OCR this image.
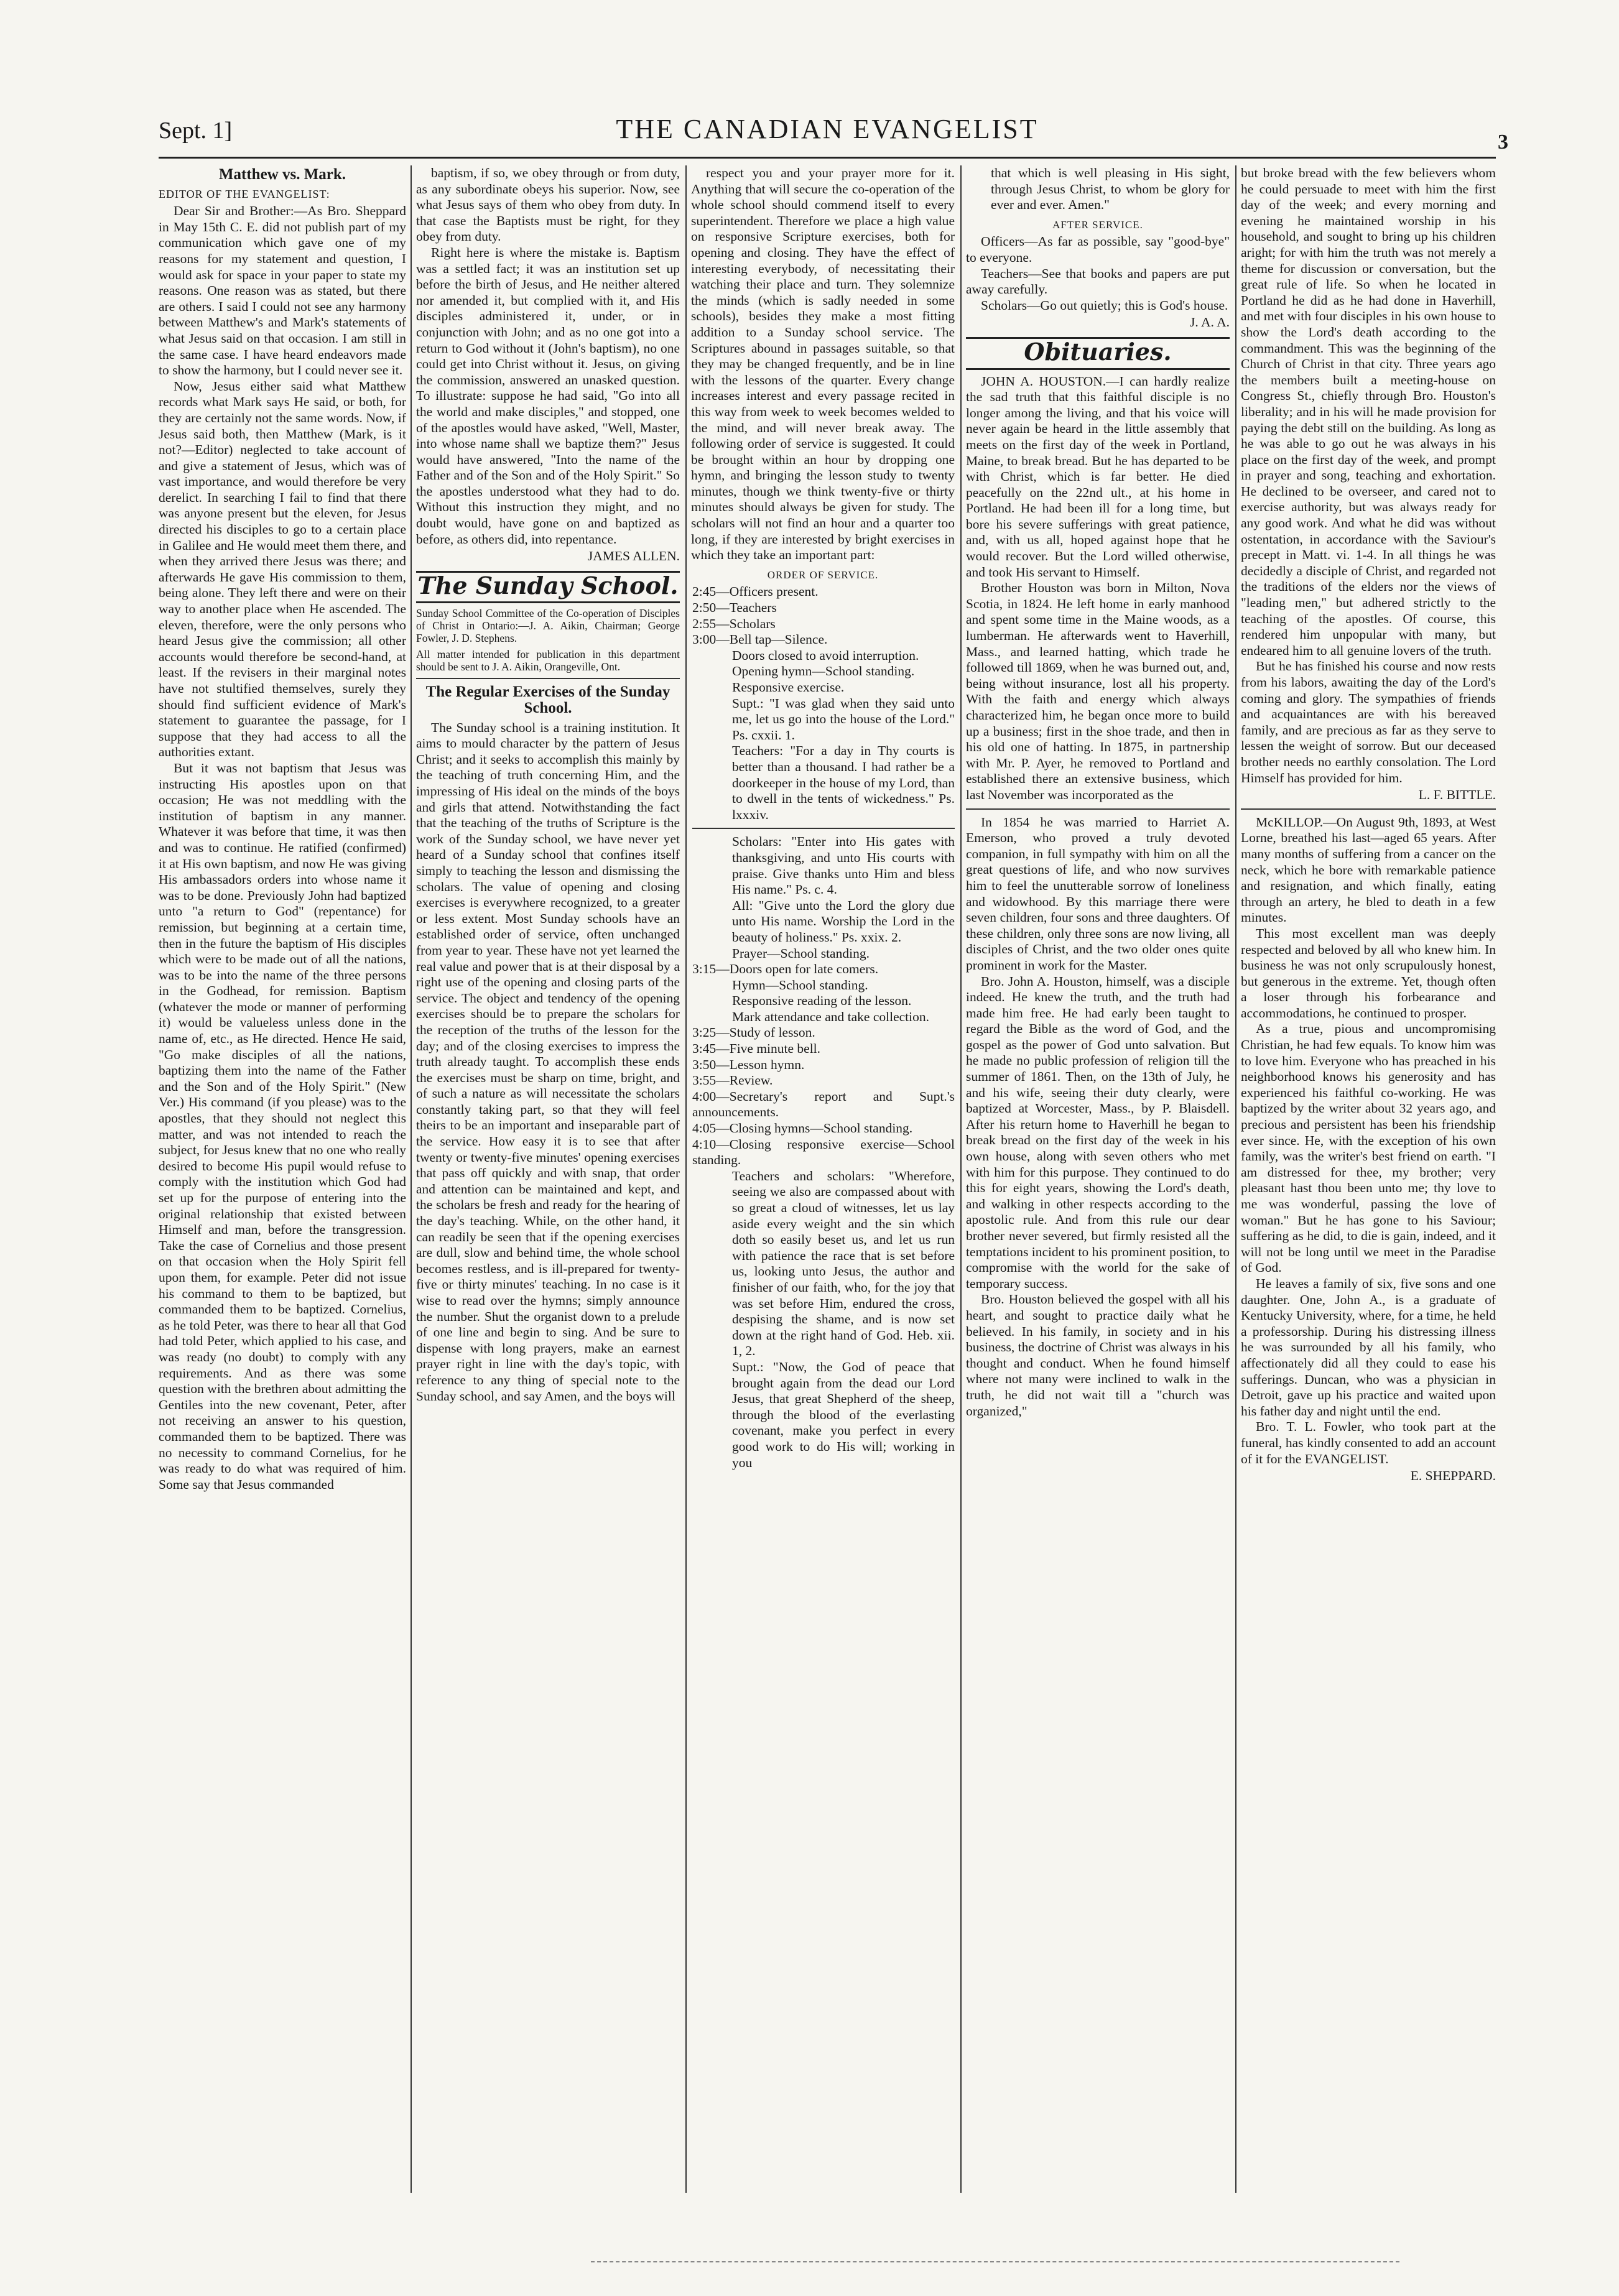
Sept. 1]	THE CANADIAN EVANGELIST	3
Matthew vs. Mark.
EDITOR OF THE EVANGELIST:

Dear Sir and Brother:—As Bro. Sheppard in May 15th C. E. did not publish part of my communication which gave one of my reasons for my statement and question, I would ask for space in your paper to state my reasons. One reason was as stated, but there are others. I said I could not see any harmony between Matthew's and Mark's statements of what Jesus said on that occasion. I am still in the same case. I have heard endeavors made to show the harmony, but I could never see it.

Now, Jesus either said what Matthew records what Mark says He said, or both, for they are certainly not the same words. Now, if Jesus said both, then Matthew (Mark, is it not?—Editor) neglected to take account of and give a statement of Jesus, which was of vast importance, and would therefore be very derelict. In searching I fail to find that there was anyone present but the eleven, for Jesus directed his disciples to go to a certain place in Galilee and He would meet them there, and when they arrived there Jesus was there; and afterwards He gave His commission to them, being alone. They left there and were on their way to another place when He ascended. The eleven, therefore, were the only persons who heard Jesus give the commission; all other accounts would therefore be second-hand, at least. If the revisers in their marginal notes have not stultified themselves, surely they should find sufficient evidence of Mark's statement to guarantee the passage, for I suppose that they had access to all the authorities extant.

But it was not baptism that Jesus was instructing His apostles upon on that occasion; He was not meddling with the institution of baptism in any manner. Whatever it was before that time, it was then and was to continue. He ratified (confirmed) it at His own baptism, and now He was giving His ambassadors orders into whose name it was to be done. Previously John had baptized unto "a return to God" (repentance) for remission, but beginning at a certain time, then in the future the baptism of His disciples which were to be made out of all the nations, was to be into the name of the three persons in the Godhead, for remission. Baptism (whatever the mode or manner of performing it) would be valueless unless done in the name of, etc., as He directed. Hence He said, "Go make disciples of all the nations, baptizing them into the name of the Father and the Son and of the Holy Spirit." (New Ver.) His command (if you please) was to the apostles, that they should not neglect this matter, and was not intended to reach the subject, for Jesus knew that no one who really desired to become His pupil would refuse to comply with the institution which God had set up for the purpose of entering into the original relationship that existed between Himself and man, before the transgression. Take the case of Cornelius and those present on that occasion when the Holy Spirit fell upon them, for example. Peter did not issue his command to them to be baptized, but commanded them to be baptized. Cornelius, as he told Peter, was there to hear all that God had told Peter, which applied to his case, and was ready (no doubt) to comply with any requirements. And as there was some question with the brethren about admitting the Gentiles into the new covenant, Peter, after not receiving an answer to his question, commanded them to be baptized. There was no necessity to command Cornelius, for he was ready to do what was required of him. Some say that Jesus commanded

baptism, if so, we obey through or from duty, as any subordinate obeys his superior. Now, see what Jesus says of them who obey from duty. In that case the Baptists must be right, for they obey from duty.

Right here is where the mistake is. Baptism was a settled fact; it was an institution set up before the birth of Jesus, and He neither altered nor amended it, but complied with it, and His disciples administered it, under, or in conjunction with John; and as no one got into a return to God without it (John's baptism), no one could get into Christ without it. Jesus, on giving the commission, answered an unasked question. To illustrate: suppose he had said, "Go into all the world and make disciples," and stopped, one of the apostles would have asked, "Well, Master, into whose name shall we baptize them?" Jesus would have answered, "Into the name of the Father and of the Son and of the Holy Spirit." So the apostles understood what they had to do. Without this instruction they might, and no doubt would, have gone on and baptized as before, as others did, into repentance.

JAMES ALLEN.
The Sunday School.
Sunday School Committee of the Co-operation of Disciples of Christ in Ontario:—J. A. Aikin, Chairman; George Fowler, J. D. Stephens.
All matter intended for publication in this department should be sent to J. A. Aikin, Orangeville, Ont.
The Regular Exercises of the Sunday School.

The Sunday school is a training institution. It aims to mould character by the pattern of Jesus Christ; and it seeks to accomplish this mainly by the teaching of truth concerning Him, and the impressing of His ideal on the minds of the boys and girls that attend. Notwithstanding the fact that the teaching of the truths of Scripture is the work of the Sunday school, we have never yet heard of a Sunday school that confines itself simply to teaching the lesson and dismissing the scholars. The value of opening and closing exercises is everywhere recognized, to a greater or less extent. Most Sunday schools have an established order of service, often unchanged from year to year. These have not yet learned the real value and power that is at their disposal by a right use of the opening and closing parts of the service. The object and tendency of the opening exercises should be to prepare the scholars for the reception of the truths of the lesson for the day; and of the closing exercises to impress the truth already taught. To accomplish these ends the exercises must be sharp on time, bright, and of such a nature as will necessitate the scholars constantly taking part, so that they will feel theirs to be an important and inseparable part of the service. How easy it is to see that after twenty or twenty-five minutes' opening exercises that pass off quickly and with snap, that order and attention can be maintained and kept, and the scholars be fresh and ready for the hearing of the day's teaching. While, on the other hand, it can readily be seen that if the opening exercises are dull, slow and behind time, the whole school becomes restless, and is ill-prepared for twenty-five or thirty minutes' teaching. In no case is it wise to read over the hymns; simply announce the number. Shut the organist down to a prelude of one line and begin to sing. And be sure to dispense with long prayers, make an earnest prayer right in line with the day's topic, with reference to any thing of special note to the Sunday school, and say Amen, and the boys will

respect you and your prayer more for it. Anything that will secure the co-operation of the whole school should commend itself to every superintendent. Therefore we place a high value on responsive Scripture exercises, both for opening and closing. They have the effect of interesting everybody, of necessitating their watching their place and turn. They solemnize the minds (which is sadly needed in some schools), besides they make a most fitting addition to a Sunday school service. The Scriptures abound in passages suitable, so that they may be changed frequently, and be in line with the lessons of the quarter. Every change increases interest and every passage recited in this way from week to week becomes welded to the mind, and will never break away. The following order of service is suggested. It could be brought within an hour by dropping one hymn, and bringing the lesson study to twenty minutes, though we think twenty-five or thirty minutes should always be given for study. The scholars will not find an hour and a quarter too long, if they are interested by bright exercises in which they take an important part:

ORDER OF SERVICE.
2:45—Officers present.
2:50—Teachers
2:55—Scholars
3:00—Bell tap—Silence.
Doors closed to avoid interruption.
Opening hymn—School standing.
Responsive exercise.
Supt.: "I was glad when they said unto me, let us go into the house of the Lord." Ps. cxxii. 1.
Teachers: "For a day in Thy courts is better than a thousand. I had rather be a doorkeeper in the house of my Lord, than to dwell in the tents of wickedness." Ps. lxxxiv.
Scholars: "Enter into His gates with thanksgiving, and unto His courts with praise. Give thanks unto Him and bless His name." Ps. c. 4.
All: "Give unto the Lord the glory due unto His name. Worship the Lord in the beauty of holiness." Ps. xxix. 2.
Prayer—School standing.
3:15—Doors open for late comers.
Hymn—School standing.
Responsive reading of the lesson.
Mark attendance and take collection.
3:25—Study of lesson.
3:45—Five minute bell.
3:50—Lesson hymn.
3:55—Review.
4:00—Secretary's report and Supt.'s announcements.
4:05—Closing hymns—School standing.
4:10—Closing responsive exercise—School standing.
Teachers and scholars: "Wherefore, seeing we also are compassed about with so great a cloud of witnesses, let us lay aside every weight and the sin which doth so easily beset us, and let us run with patience the race that is set before us, looking unto Jesus, the author and finisher of our faith, who, for the joy that was set before Him, endured the cross, despising the shame, and is now set down at the right hand of God. Heb. xii. 1, 2.
Supt.: "Now, the God of peace that brought again from the dead our Lord Jesus, that great Shepherd of the sheep, through the blood of the everlasting covenant, make you perfect in every good work to do His will; working in you
that which is well pleasing in His sight, through Jesus Christ, to whom be glory for ever and ever. Amen."
AFTER SERVICE.

Officers—As far as possible, say "good-bye" to everyone.

Teachers—See that books and papers are put away carefully.

Scholars—Go out quietly; this is God's house.

J. A. A.
Obituaries.

JOHN A. HOUSTON.—I can hardly realize the sad truth that this faithful disciple is no longer among the living, and that his voice will never again be heard in the little assembly that meets on the first day of the week in Portland, Maine, to break bread. But he has departed to be with Christ, which is far better. He died peacefully on the 22nd ult., at his home in Portland. He had been ill for a long time, but bore his severe sufferings with great patience, and, with us all, hoped against hope that he would recover. But the Lord willed otherwise, and took His servant to Himself.

Brother Houston was born in Milton, Nova Scotia, in 1824. He left home in early manhood and spent some time in the Maine woods, as a lumberman. He afterwards went to Haverhill, Mass., and learned hatting, which trade he followed till 1869, when he was burned out, and, being without insurance, lost all his property. With the faith and energy which always characterized him, he began once more to build up a business; first in the shoe trade, and then in his old one of hatting. In 1875, in partnership with Mr. P. Ayer, he removed to Portland and established there an extensive business, which last November was incorporated as the

In 1854 he was married to Harriet A. Emerson, who proved a truly devoted companion, in full sympathy with him on all the great questions of life, and who now survives him to feel the unutterable sorrow of loneliness and widowhood. By this marriage there were seven children, four sons and three daughters. Of these children, only three sons are now living, all disciples of Christ, and the two older ones quite prominent in work for the Master.

Bro. John A. Houston, himself, was a disciple indeed. He knew the truth, and the truth had made him free. He had early been taught to regard the Bible as the word of God, and the gospel as the power of God unto salvation. But he made no public profession of religion till the summer of 1861. Then, on the 13th of July, he and his wife, seeing their duty clearly, were baptized at Worcester, Mass., by P. Blaisdell. After his return home to Haverhill he began to break bread on the first day of the week in his own house, along with seven others who met with him for this purpose. They continued to do this for eight years, showing the Lord's death, and walking in other respects according to the apostolic rule. And from this rule our dear brother never severed, but firmly resisted all the temptations incident to his prominent position, to compromise with the world for the sake of temporary success.

Bro. Houston believed the gospel with all his heart, and sought to practice daily what he believed. In his family, in society and in his business, the doctrine of Christ was always in his thought and conduct. When he found himself where not many were inclined to walk in the truth, he did not wait till a "church was organized,"

but broke bread with the few believers whom he could persuade to meet with him the first day of the week; and every morning and evening he maintained worship in his household, and sought to bring up his children aright; for with him the truth was not merely a theme for discussion or conversation, but the great rule of life. So when he located in Portland he did as he had done in Haverhill, and met with four disciples in his own house to show the Lord's death according to the commandment. This was the beginning of the Church of Christ in that city. Three years ago the members built a meeting-house on Congress St., chiefly through Bro. Houston's liberality; and in his will he made provision for paying the debt still on the building. As long as he was able to go out he was always in his place on the first day of the week, and prompt in prayer and song, teaching and exhortation. He declined to be overseer, and cared not to exercise authority, but was always ready for any good work. And what he did was without ostentation, in accordance with the Saviour's precept in Matt. vi. 1-4. In all things he was decidedly a disciple of Christ, and regarded not the traditions of the elders nor the views of "leading men," but adhered strictly to the teaching of the apostles. Of course, this rendered him unpopular with many, but endeared him to all genuine lovers of the truth.

But he has finished his course and now rests from his labors, awaiting the day of the Lord's coming and glory. The sympathies of friends and acquaintances are with his bereaved family, and are precious as far as they serve to lessen the weight of sorrow. But our deceased brother needs no earthly consolation. The Lord Himself has provided for him.

L. F. BITTLE.

McKILLOP.—On August 9th, 1893, at West Lorne, breathed his last—aged 65 years. After many months of suffering from a cancer on the neck, which he bore with remarkable patience and resignation, and which finally, eating through an artery, he bled to death in a few minutes.

This most excellent man was deeply respected and beloved by all who knew him. In business he was not only scrupulously honest, but generous in the extreme. Yet, though often a loser through his forbearance and accommodations, he continued to prosper.

As a true, pious and uncompromising Christian, he had few equals. To know him was to love him. Everyone who has preached in his neighborhood knows his generosity and has experienced his faithful co-working. He was baptized by the writer about 32 years ago, and precious and persistent has been his friendship ever since. He, with the exception of his own family, was the writer's best friend on earth. "I am distressed for thee, my brother; very pleasant hast thou been unto me; thy love to me was wonderful, passing the love of woman." But he has gone to his Saviour; suffering as he did, to die is gain, indeed, and it will not be long until we meet in the Paradise of God.

He leaves a family of six, five sons and one daughter. One, John A., is a graduate of Kentucky University, where, for a time, he held a professorship. During his distressing illness he was surrounded by all his family, who affectionately did all they could to ease his sufferings. Duncan, who was a physician in Detroit, gave up his practice and waited upon his father day and night until the end.

Bro. T. L. Fowler, who took part at the funeral, has kindly consented to add an account of it for the EVANGELIST.

E. SHEPPARD.
